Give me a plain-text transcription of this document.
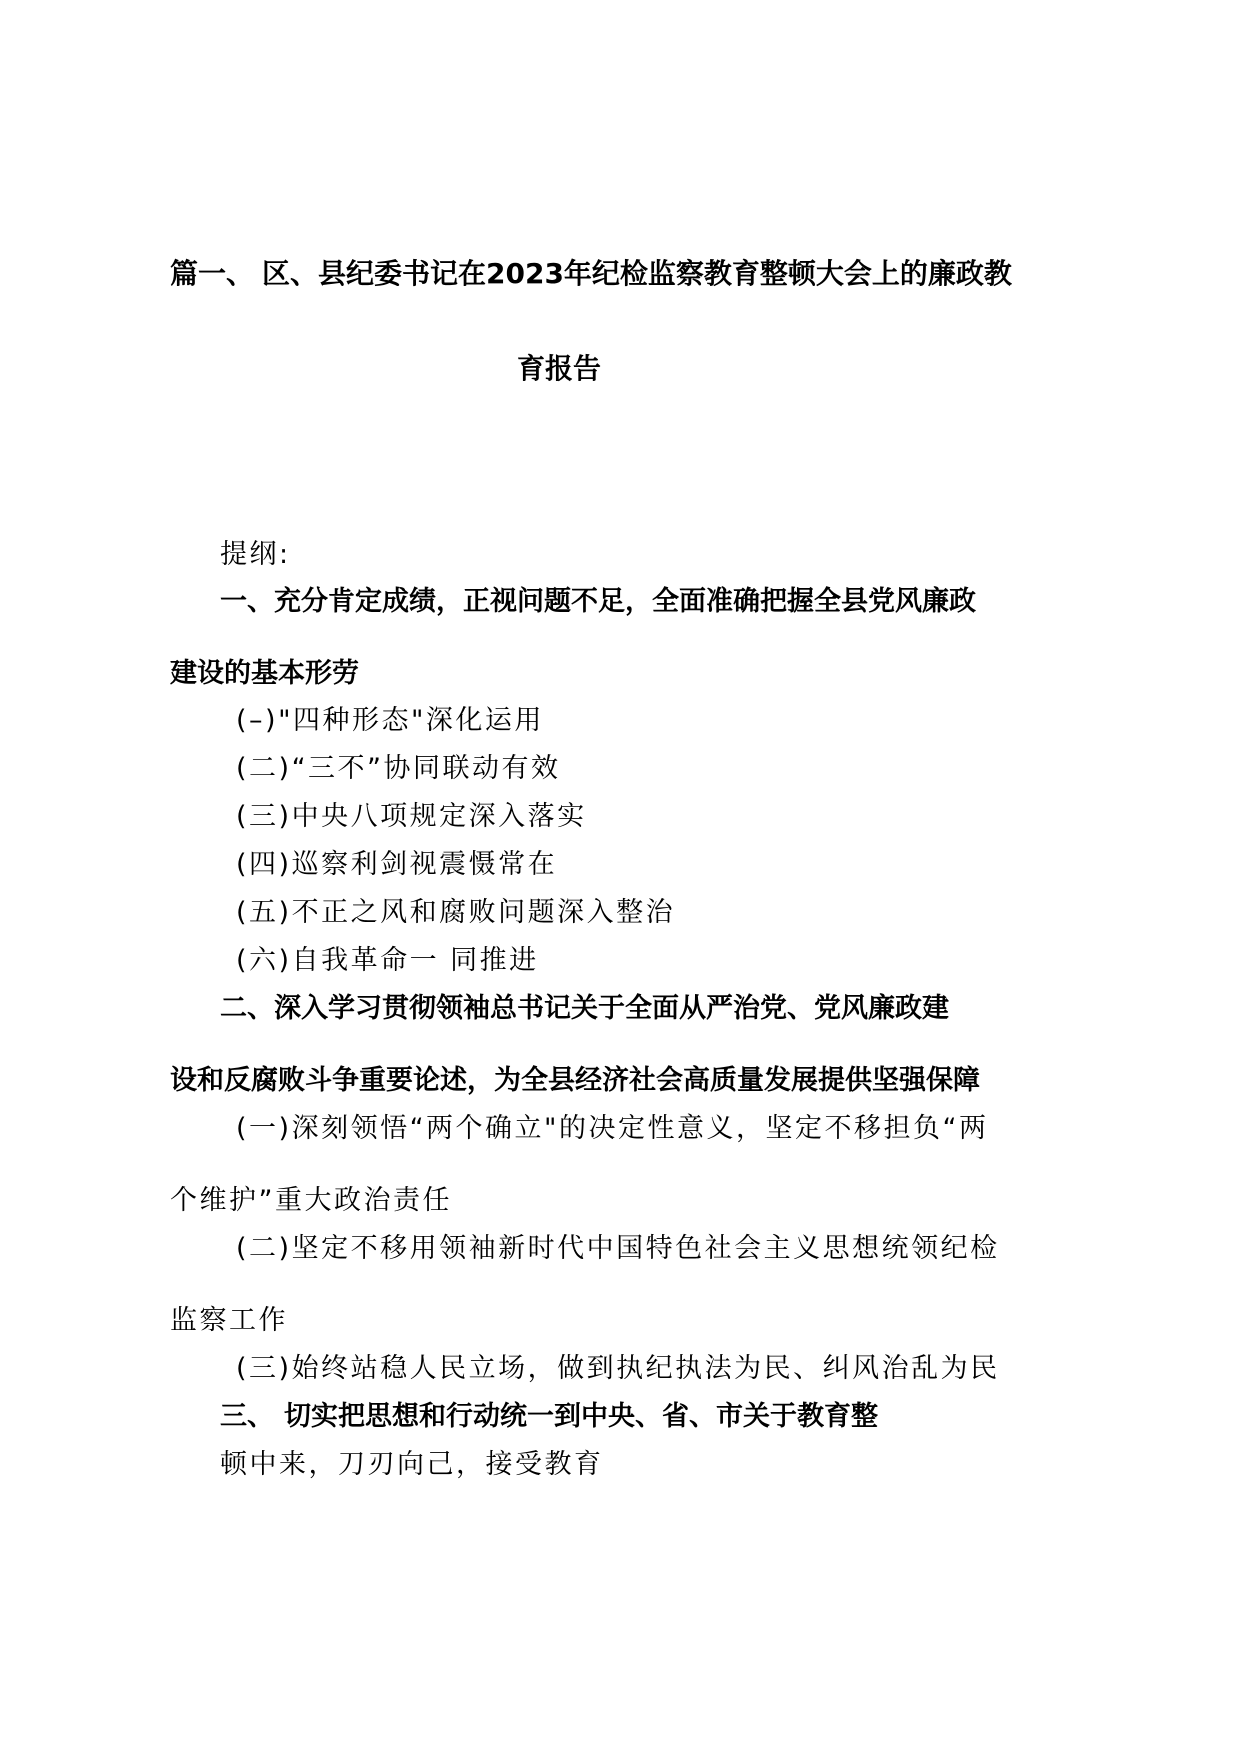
篇一、 区、县纪委书记在2023年纪检监察教育整顿大会上的廉政教
育报告
提纲:
一、充分肯定成绩，正视问题不足，全面准确把握全县党风廉政
建设的基本形劳
(–)"四种形态"深化运用
(二)“三不”协同联动有效
(三)中央八项规定深入落实
(四)巡察利剑视震慑常在
(五)不正之风和腐败问题深入整治
(六)自我革命一 同推进
二、深入学习贯彻领袖总书记关于全面从严治党、党风廉政建
设和反腐败斗争重要论述，为全县经济社会高质量发展提供坚强保障
(一)深刻领悟“两个确立"的决定性意义，坚定不移担负“两
个维护”重大政治责任
(二)坚定不移用领袖新时代中国特色社会主义思想统领纪检
监察工作
(三)始终站稳人民立场，做到执纪执法为民、纠风治乱为民
三、 切实把思想和行动统一到中央、省、市关于教育整
顿中来，刀刃向己，接受教育
